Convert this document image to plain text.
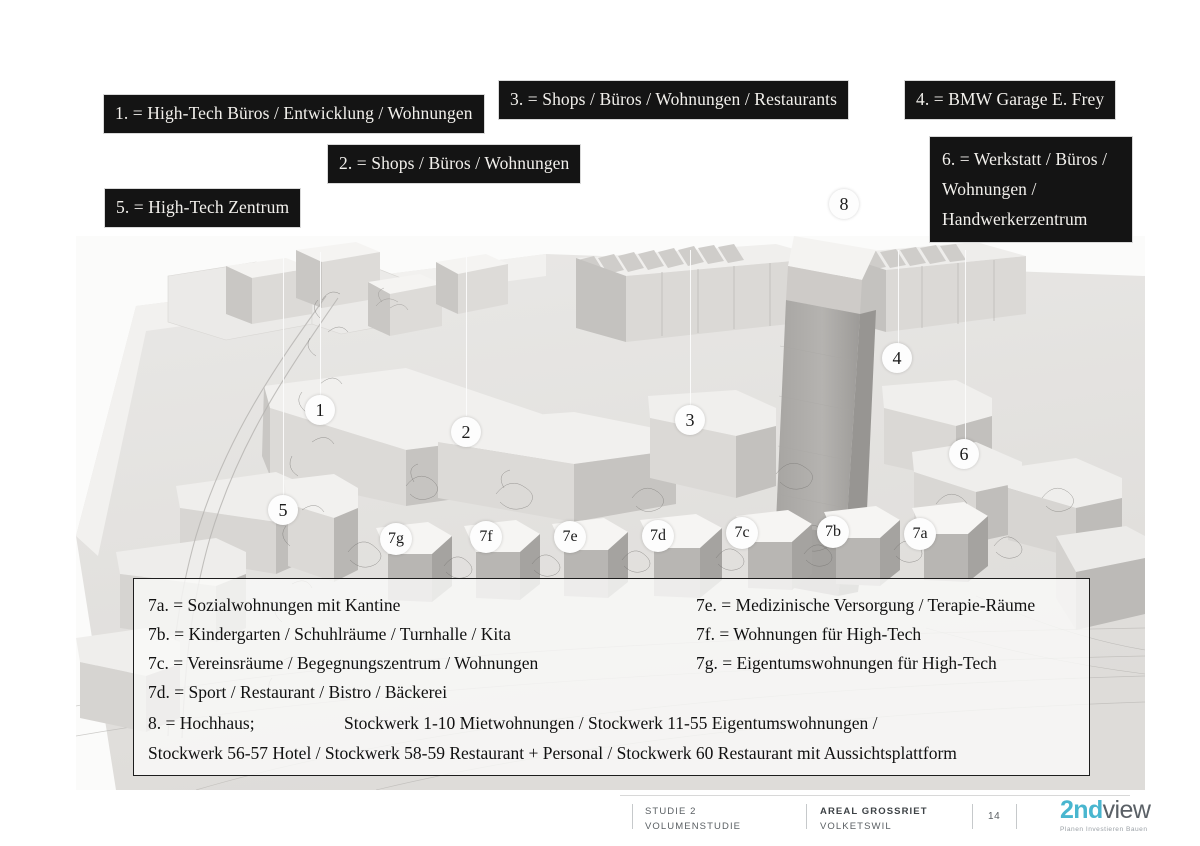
1. = High-Tech Büros / Entwicklung / Wohnungen
2. = Shops / Büros / Wohnungen
3. = Shops / Büros / Wohnungen / Restaurants	4. = BMW Garage E. Frey
5. = High-Tech Zentrum
6. = Werkstatt / Büros /
Wohnungen /
Handwerkerzentrum
8
4
6
1
2
3
5
7g	7f	7e	7d	7c	7b	7a
7a. = Sozialwohnungen mit Kantine
7b. = Kindergarten / Schuhlräume / Turnhalle / Kita
7c. = Vereinsräume / Begegnungszentrum / Wohnungen
7d. = Sport / Restaurant / Bistro / Bäckerei
7e. = Medizinische Versorgung / Terapie-Räume
7f. = Wohnungen für High-Tech
7g. = Eigentumswohnungen für High-Tech
8. = Hochhaus;	Stockwerk 1-10 Mietwohnungen / Stockwerk 11-55 Eigentumswohnungen /
Stockwerk 56-57 Hotel / Stockwerk 58-59 Restaurant + Personal / Stockwerk 60 Restaurant mit Aussichtsplattform
STUDIE 2
VOLUMENSTUDIE
AREAL GROSSRIET
VOLKETSWIL
14 2ndview
Planen Investieren Bauen
